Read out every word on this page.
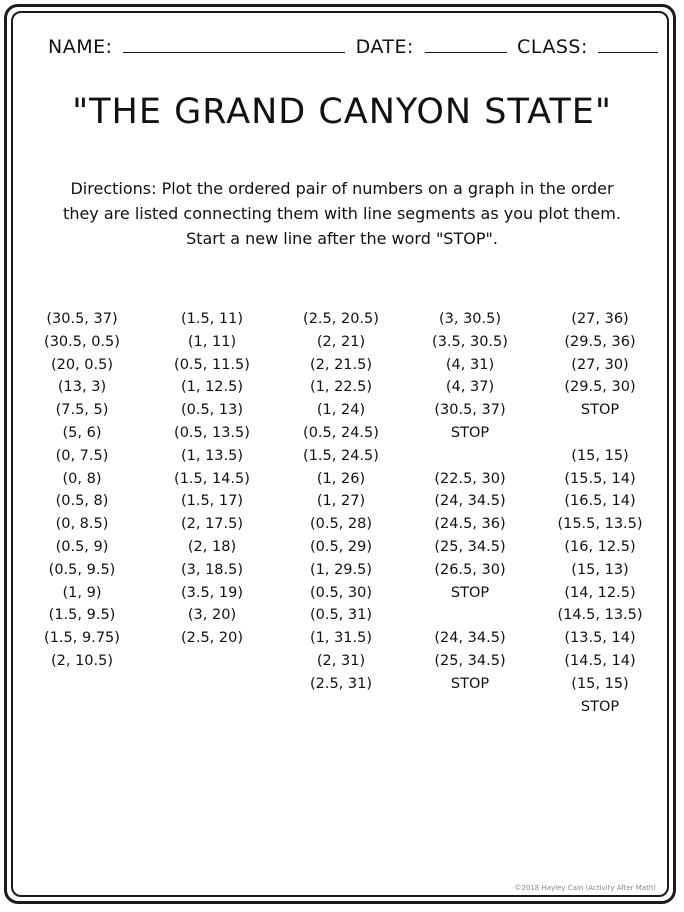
NAME:	DATE:	CLASS:
"THE GRAND CANYON STATE"
Directions: Plot the ordered pair of numbers on a graph in the order
they are listed connecting them with line segments as you plot them.
Start a new line after the word "STOP".
(30.5, 37)
(30.5, 0.5)
(20, 0.5)
(13, 3)
(7.5, 5)
(5, 6)
(0, 7.5)
(0, 8)
(0.5, 8)
(0, 8.5)
(0.5, 9)
(0.5, 9.5)
(1, 9)
(1.5, 9.5)
(1.5, 9.75)
(2, 10.5)
(1.5, 11)
(1, 11)
(0.5, 11.5)
(1, 12.5)
(0.5, 13)
(0.5, 13.5)
(1, 13.5)
(1.5, 14.5)
(1.5, 17)
(2, 17.5)
(2, 18)
(3, 18.5)
(3.5, 19)
(3, 20)
(2.5, 20)
(2.5, 20.5)
(2, 21)
(2, 21.5)
(1, 22.5)
(1, 24)
(0.5, 24.5)
(1.5, 24.5)
(1, 26)
(1, 27)
(0.5, 28)
(0.5, 29)
(1, 29.5)
(0.5, 30)
(0.5, 31)
(1, 31.5)
(2, 31)
(2.5, 31)
(3, 30.5)
(3.5, 30.5)
(4, 31)
(4, 37)
(30.5, 37)
STOP
(22.5, 30)
(24, 34.5)
(24.5, 36)
(25, 34.5)
(26.5, 30)
STOP
(24, 34.5)
(25, 34.5)
STOP
(27, 36)
(29.5, 36)
(27, 30)
(29.5, 30)
STOP
(15, 15)
(15.5, 14)
(16.5, 14)
(15.5, 13.5)
(16, 12.5)
(15, 13)
(14, 12.5)
(14.5, 13.5)
(13.5, 14)
(14.5, 14)
(15, 15)
STOP
©2018 Hayley Cain (Activity After Math)
